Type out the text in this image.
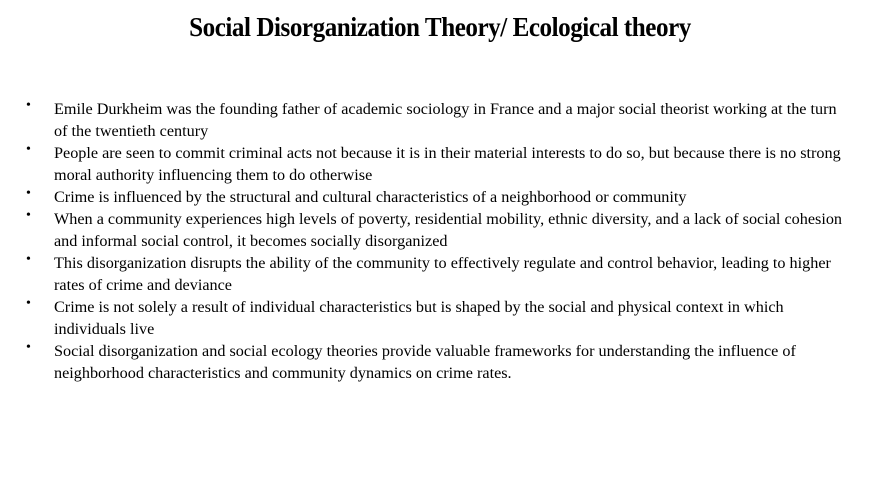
Social Disorganization Theory/ Ecological theory
• Emile Durkheim was the founding father of academic sociology in France and a major social theorist working at the turn of the twentieth century
• People are seen to commit criminal acts not because it is in their material interests to do so, but because there is no strong moral authority influencing them to do otherwise
• Crime is influenced by the structural and cultural characteristics of a neighborhood or community
• When a community experiences high levels of poverty, residential mobility, ethnic diversity, and a lack of social cohesion and informal social control, it becomes socially disorganized
• This disorganization disrupts the ability of the community to effectively regulate and control behavior, leading to higher rates of crime and deviance
• Crime is not solely a result of individual characteristics but is shaped by the social and physical context in which individuals live
• Social disorganization and social ecology theories provide valuable frameworks for understanding the influence of neighborhood characteristics and community dynamics on crime rates.
